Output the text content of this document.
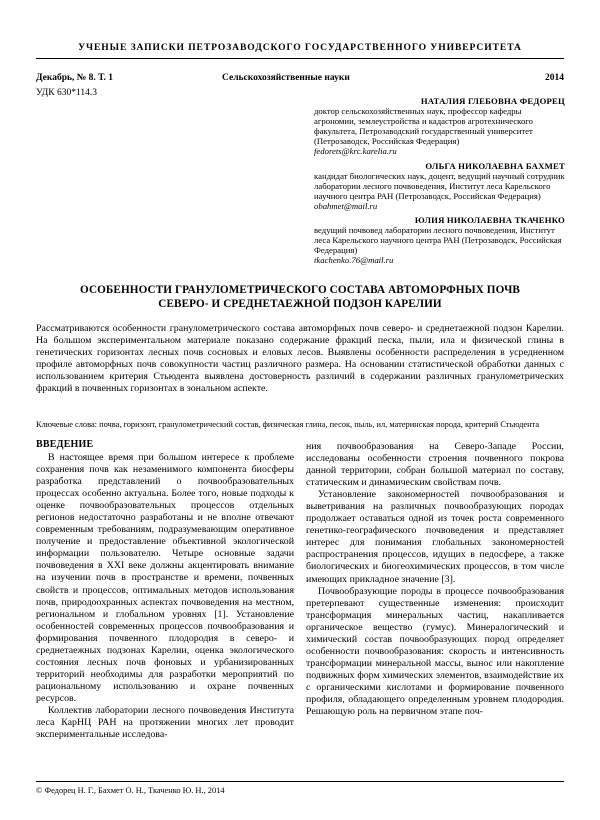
УЧЕНЫЕ ЗАПИСКИ ПЕТРОЗАВОДСКОГО ГОСУДАРСТВЕННОГО УНИВЕРСИТЕТА
Декабрь, № 8. Т. 1	Сельскохозяйственные науки	2014
УДК 630*114.3
НАТАЛИЯ ГЛЕБОВНА ФЕДОРЕЦ
доктор сельскохозяйственных наук, профессор кафедры агрономии, землеустройства и кадастров агротехнического факультета, Петрозаводский государственный университет (Петрозаводск, Российская Федерация)
fedorets@krc.karelia.ru
ОЛЬГА НИКОЛАЕВНА БАХМЕТ
кандидат биологических наук, доцент, ведущий научный сотрудник лаборатории лесного почвоведения, Институт леса Карельского научного центра РАН (Петрозаводск, Российская Федерация)
obahmet@mail.ru
ЮЛИЯ НИКОЛАЕВНА ТКАЧЕНКО
ведущий почвовед лаборатории лесного почвоведения, Институт леса Карельского научного центра РАН (Петрозаводск, Российская Федерация)
tkachenko.76@mail.ru
ОСОБЕННОСТИ ГРАНУЛОМЕТРИЧЕСКОГО СОСТАВА АВТОМОРФНЫХ ПОЧВ СЕВЕРО- И СРЕДНЕТАЕЖНОЙ ПОДЗОН КАРЕЛИИ
Рассматриваются особенности гранулометрического состава автоморфных почв северо- и среднетаежной подзон Карелии. На большом экспериментальном материале показано содержание фракций песка, пыли, ила и физической глины в генетических горизонтах лесных почв сосновых и еловых лесов. Выявлены особенности распределения в усредненном профиле автоморфных почв совокупности частиц различного размера. На основании статистической обработки данных с использованием критерия Стьюдента выявлена достоверность различий в содержании различных гранулометрических фракций в почвенных горизонтах в зональном аспекте.
Ключевые слова: почва, горизонт, гранулометрический состав, физическая глина, песок, пыль, ил, материнская порода, критерий Стьюдента
ВВЕДЕНИЕ

В настоящее время при большом интересе к проблеме сохранения почв как незаменимого компонента биосферы разработка представлений о почвообразовательных процессах особенно актуальна. Более того, новые подходы к оценке почвообразовательных процессов отдельных регионов недостаточно разработаны и не вполне отвечают современным требованиям, подразумевающим оперативное получение и предоставление объективной экологической информации пользователю. Четыре основные задачи почвоведения в XXI веке должны акцентировать внимание на изучении почв в пространстве и времени, почвенных свойств и процессов, оптимальных методов использования почв, природоохранных аспектах почвоведения на местном, региональном и глобальном уровнях [1]. Установление особенностей современных процессов почвообразования и формирования почвенного плодородия в северо- и среднетаежных подзонах Карелии, оценка экологического состояния лесных почв фоновых и урбанизированных территорий необходимы для разработки мероприятий по рациональному использованию и охране почвенных ресурсов.

Коллектив лаборатории лесного почвоведения Института леса КарНЦ РАН на протяжении многих лет проводит экспериментальные исследова-

ния почвообразования на Северо-Западе России, исследованы особенности строения почвенного покрова данной территории, собран большой материал по составу, статическим и динамическим свойствам почв.

Установление закономерностей почвообразования и выветривания на различных почвообразующих породах продолжает оставаться одной из точек роста современного генетико-географического почвоведения и представляет интерес для понимания глобальных закономерностей распространения процессов, идущих в педосфере, а также биологических и биогеохимических процессов, в том числе имеющих прикладное значение [3].

Почвообразующие породы в процессе почвообразования претерпевают существенные изменения: происходит трансформация минеральных частиц, накапливается органическое вещество (гумус). Минералогический и химический состав почвообразующих пород определяет особенности почвообразования: скорость и интенсивность трансформации минеральной массы, вынос или накопление подвижных форм химических элементов, взаимодействие их с органическими кислотами и формирование почвенного профиля, обладающего определенным уровнем плодородия. Решающую роль на первичном этапе поч-

© Федорец Н. Г., Бахмет О. Н., Ткаченко Ю. Н., 2014
